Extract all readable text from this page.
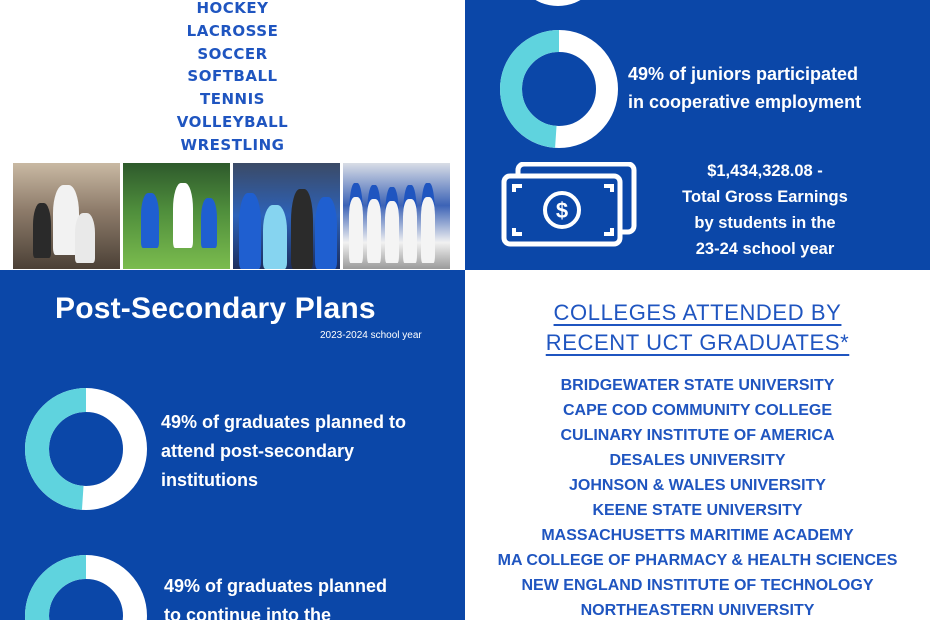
HOCKEY
LACROSSE
SOCCER
SOFTBALL
TENNIS
VOLLEYBALL
WRESTLING
49% of juniors participated
in cooperative employment
$
$1,434,328.08 -
Total Gross Earnings
by students in the
23-24 school year
Post-Secondary Plans
2023-2024 school year
49% of graduates planned to
attend post-secondary
institutions
49% of graduates planned
to continue into the
COLLEGES ATTENDED BY
RECENT UCT GRADUATES*
BRIDGEWATER STATE UNIVERSITY
CAPE COD COMMUNITY COLLEGE
CULINARY INSTITUTE OF AMERICA
DESALES UNIVERSITY
JOHNSON & WALES UNIVERSITY
KEENE STATE UNIVERSITY
MASSACHUSETTS MARITIME ACADEMY
MA COLLEGE OF PHARMACY & HEALTH SCIENCES
NEW ENGLAND INSTITUTE OF TECHNOLOGY
NORTHEASTERN UNIVERSITY
